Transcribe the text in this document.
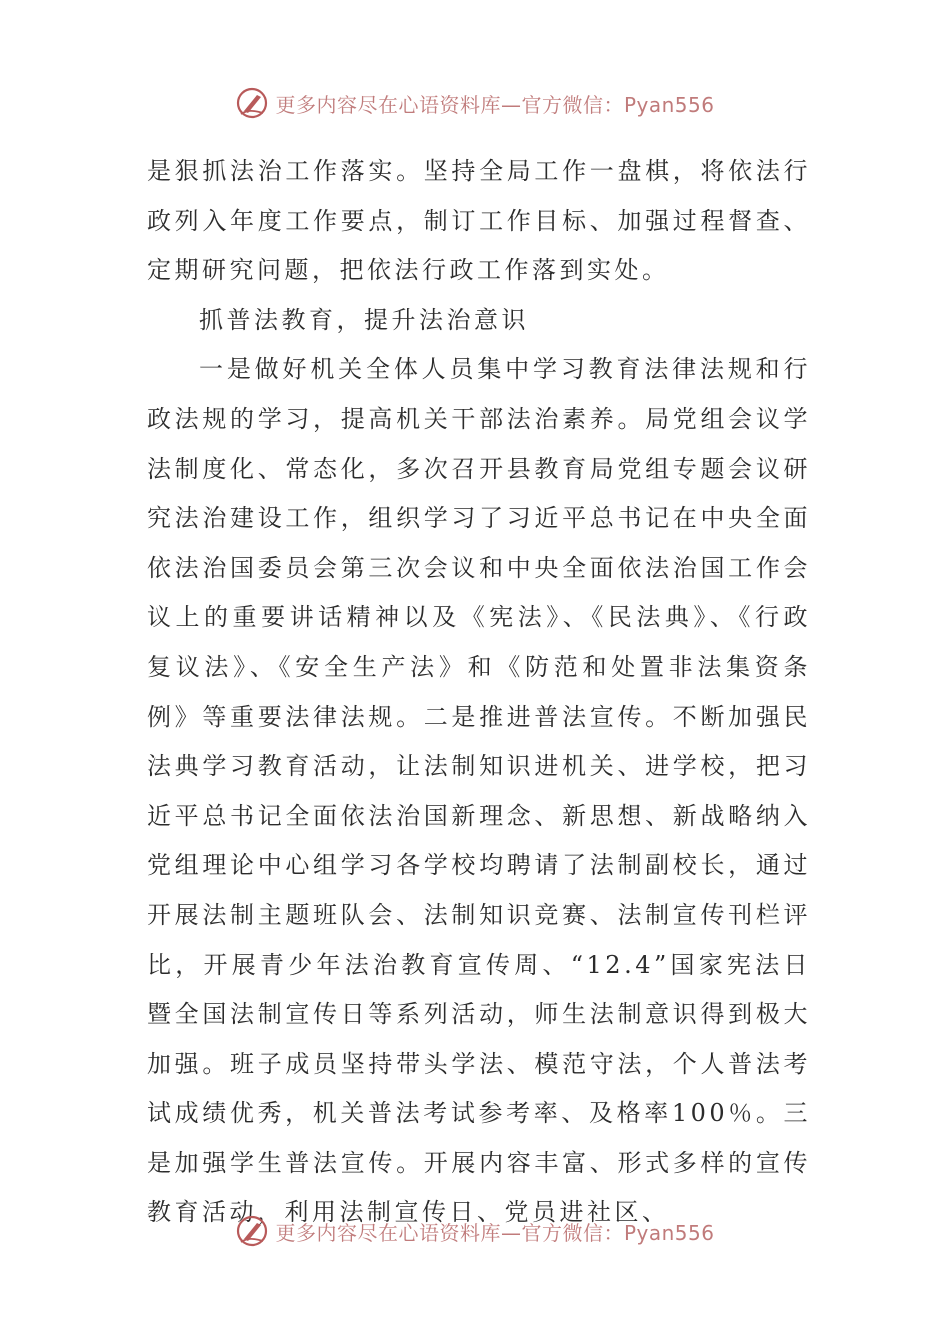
更多内容尽在心语资料库—官方微信：Pyan556

是狠抓法治工作落实。坚持全局工作一盘棋，将依法行政列入年度工作要点，制订工作目标、加强过程督查、定期研究问题，把依法行政工作落到实处。

抓普法教育，提升法治意识

一是做好机关全体人员集中学习教育法律法规和行政法规的学习，提高机关干部法治素养。局党组会议学法制度化、常态化，多次召开县教育局党组专题会议研究法治建设工作，组织学习了习近平总书记在中央全面依法治国委员会第三次会议和中央全面依法治国工作会议上的重要讲话精神以及《宪法》、《民法典》、《行政复议法》、《安全生产法》和《防范和处置非法集资条例》等重要法律法规。二是推进普法宣传。不断加强民法典学习教育活动，让法制知识进机关、进学校，把习近平总书记全面依法治国新理念、新思想、新战略纳入党组理论中心组学习各学校均聘请了法制副校长，通过开展法制主题班队会、法制知识竞赛、法制宣传刊栏评比，开展青少年法治教育宣传周、“12.4”国家宪法日暨全国法制宣传日等系列活动，师生法制意识得到极大加强。班子成员坚持带头学法、模范守法，个人普法考试成绩优秀，机关普法考试参考率、及格率100％。三是加强学生普法宣传。开展内容丰富、形式多样的宣传教育活动，利用法制宣传日、党员进社区、

更多内容尽在心语资料库—官方微信：Pyan556
